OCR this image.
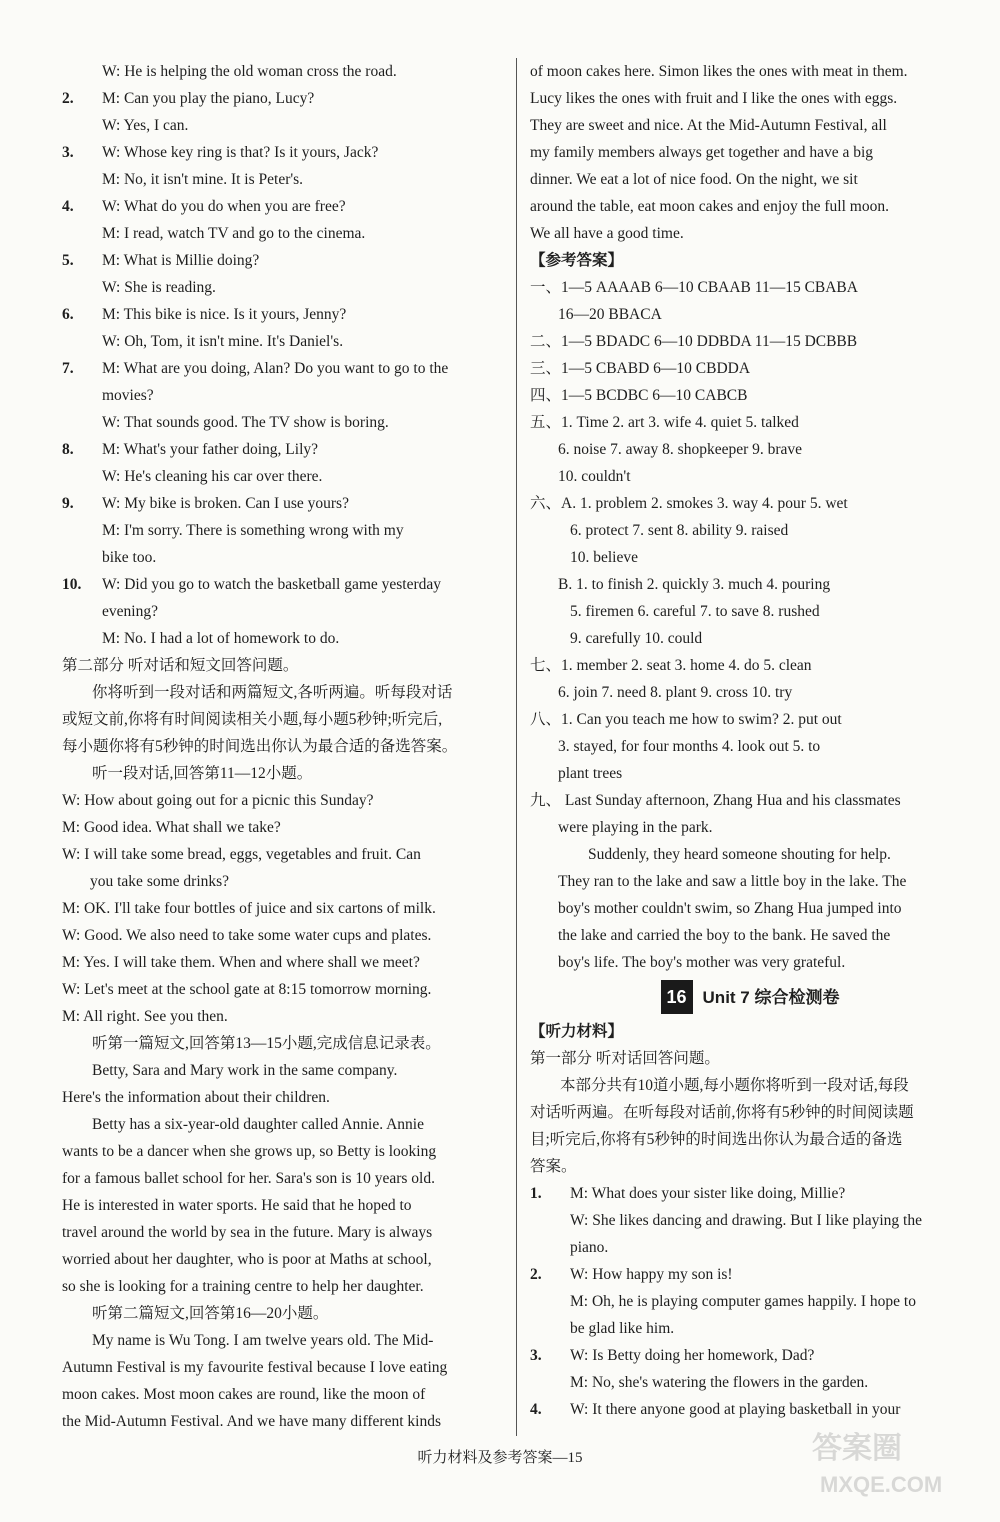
W: He is helping the old woman cross the road.
2. M: Can you play the piano, Lucy?
W: Yes, I can.
3. W: Whose key ring is that? Is it yours, Jack?
M: No, it isn't mine. It is Peter's.
4. W: What do you do when you are free?
M: I read, watch TV and go to the cinema.
5. M: What is Millie doing?
W: She is reading.
6. M: This bike is nice. Is it yours, Jenny?
W: Oh, Tom, it isn't mine. It's Daniel's.
7. M: What are you doing, Alan? Do you want to go to the
movies?
W: That sounds good. The TV show is boring.
8. M: What's your father doing, Lily?
W: He's cleaning his car over there.
9. W: My bike is broken. Can I use yours?
M: I'm sorry. There is something wrong with my
bike too.
10. W: Did you go to watch the basketball game yesterday
evening?
M: No. I had a lot of homework to do.
第二部分 听对话和短文回答问题。
你将听到一段对话和两篇短文,各听两遍。听每段对话
或短文前,你将有时间阅读相关小题,每小题5秒钟;听完后,
每小题你将有5秒钟的时间选出你认为最合适的备选答案。
听一段对话,回答第11—12小题。
W: How about going out for a picnic this Sunday?
M: Good idea. What shall we take?
W: I will take some bread, eggs, vegetables and fruit. Can
you take some drinks?
M: OK. I'll take four bottles of juice and six cartons of milk.
W: Good. We also need to take some water cups and plates.
M: Yes. I will take them. When and where shall we meet?
W: Let's meet at the school gate at 8:15 tomorrow morning.
M: All right. See you then.
听第一篇短文,回答第13—15小题,完成信息记录表。
Betty, Sara and Mary work in the same company.
Here's the information about their children.
Betty has a six-year-old daughter called Annie. Annie
wants to be a dancer when she grows up, so Betty is looking
for a famous ballet school for her. Sara's son is 10 years old.
He is interested in water sports. He said that he hoped to
travel around the world by sea in the future. Mary is always
worried about her daughter, who is poor at Maths at school,
so she is looking for a training centre to help her daughter.
听第二篇短文,回答第16—20小题。
My name is Wu Tong. I am twelve years old. The Mid-
Autumn Festival is my favourite festival because I love eating
moon cakes. Most moon cakes are round, like the moon of
the Mid-Autumn Festival. And we have many different kinds
of moon cakes here. Simon likes the ones with meat in them.
Lucy likes the ones with fruit and I like the ones with eggs.
They are sweet and nice. At the Mid-Autumn Festival, all
my family members always get together and have a big
dinner. We eat a lot of nice food. On the night, we sit
around the table, eat moon cakes and enjoy the full moon.
We all have a good time.
【参考答案】
一、1—5 AAAAB 6—10 CBAAB 11—15 CBABA
16—20 BBACA
二、1—5 BDADC 6—10 DDBDA 11—15 DCBBB
三、1—5 CBABD 6—10 CBDDA
四、1—5 BCDBC 6—10 CABCB
五、1. Time 2. art 3. wife 4. quiet 5. talked
6. noise 7. away 8. shopkeeper 9. brave
10. couldn't
六、A. 1. problem 2. smokes 3. way 4. pour 5. wet
6. protect 7. sent 8. ability 9. raised
10. believe
B. 1. to finish 2. quickly 3. much 4. pouring
5. firemen 6. careful 7. to save 8. rushed
9. carefully 10. could
七、1. member 2. seat 3. home 4. do 5. clean
6. join 7. need 8. plant 9. cross 10. try
八、1. Can you teach me how to swim? 2. put out
3. stayed, for four months 4. look out 5. to
plant trees
九、 Last Sunday afternoon, Zhang Hua and his classmates
were playing in the park.
Suddenly, they heard someone shouting for help.
They ran to the lake and saw a little boy in the lake. The
boy's mother couldn't swim, so Zhang Hua jumped into
the lake and carried the boy to the bank. He saved the
boy's life. The boy's mother was very grateful.
16 Unit 7 综合检测卷
【听力材料】
第一部分 听对话回答问题。
本部分共有10道小题,每小题你将听到一段对话,每段
对话听两遍。在听每段对话前,你将有5秒钟的时间阅读题
目;听完后,你将有5秒钟的时间选出你认为最合适的备选
答案。
1. M: What does your sister like doing, Millie?
W: She likes dancing and drawing. But I like playing the
piano.
2. W: How happy my son is!
M: Oh, he is playing computer games happily. I hope to
be glad like him.
3. W: Is Betty doing her homework, Dad?
M: No, she's watering the flowers in the garden.
4. W: It there anyone good at playing basketball in your
听力材料及参考答案—15	答案圈
MXQE.COM
